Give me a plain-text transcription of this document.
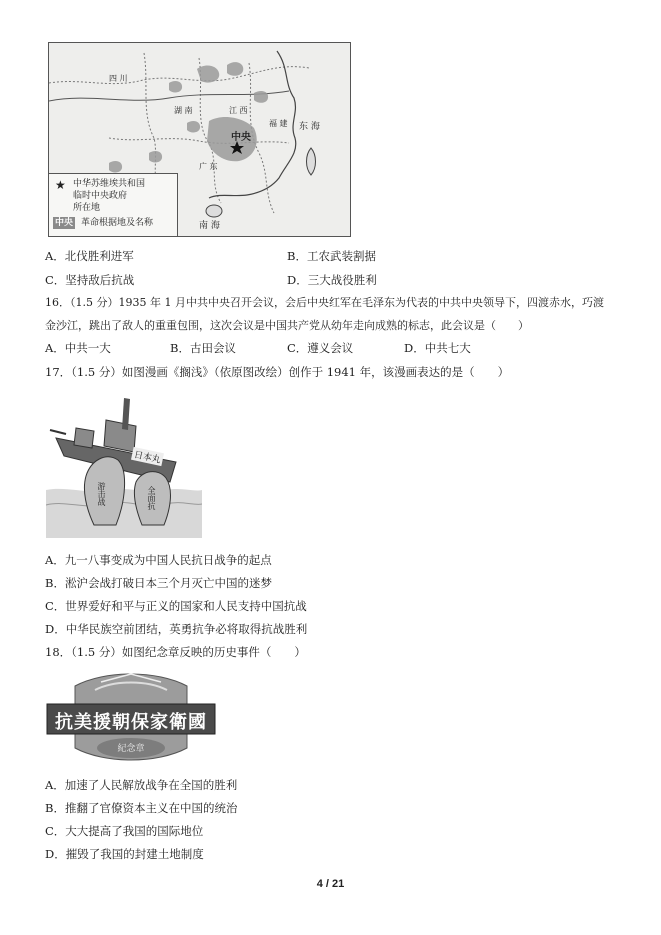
四 川
湖 南	江 西
福 建
广 东
中央
东 海
南 海
★ 中华苏维埃共和国
临时中央政府
所在地
中央 革命根据地及名称
A．北伐胜利进军	B．工农武装割据
C．坚持敌后抗战	D．三大战役胜利
16．（1.5 分）1935 年 1 月中共中央召开会议，会后中央红军在毛泽东为代表的中共中央领导下，四渡赤水，巧渡
金沙江，跳出了敌人的重重包围，这次会议是中国共产党从幼年走向成熟的标志，此会议是（　　）
A．中共一大	B．古田会议	C．遵义会议	D．中共七大
17．（1.5 分）如图漫画《搁浅》（依原图改绘）创作于 1941 年，该漫画表达的是（　　）
日本丸
游击战	全面抗
A．九一八事变成为中国人民抗日战争的起点
B．淞沪会战打破日本三个月灭亡中国的迷梦
C．世界爱好和平与正义的国家和人民支持中国抗战
D．中华民族空前团结，英勇抗争必将取得抗战胜利
18．（1.5 分）如图纪念章反映的历史事件（　　）
抗美援朝保家衛國
紀念章
A．加速了人民解放战争在全国的胜利
B．推翻了官僚资本主义在中国的统治
C．大大提高了我国的国际地位
D．摧毁了我国的封建土地制度
4 / 21
